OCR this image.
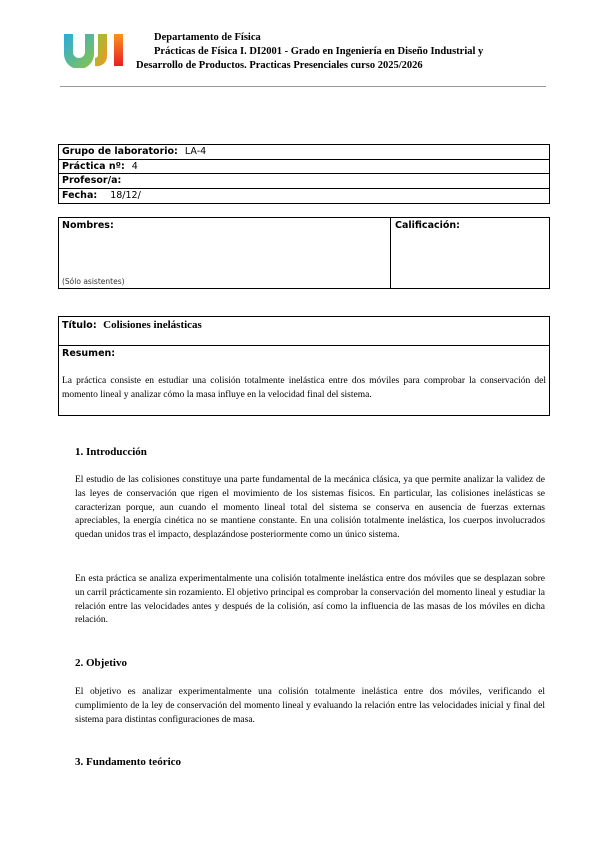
Departamento de Física
Prácticas de Física I. DI2001 - Grado en Ingeniería en Diseño Industrial y
Desarrollo de Productos. Practicas Presenciales curso 2025/2026
Grupo de laboratorio: LA-4
Práctica nº: 4
Profesor/a:
Fecha: 18/12/
Nombres:
(Sólo asistentes)
Calificación:
Título: Colisiones inelásticas
Resumen:
La práctica consiste en estudiar una colisión totalmente inelástica entre dos móviles para comprobar la conservación del momento lineal y analizar cómo la masa influye en la velocidad final del sistema.
1. Introducción
El estudio de las colisiones constituye una parte fundamental de la mecánica clásica, ya que permite analizar la validez de las leyes de conservación que rigen el movimiento de los sistemas físicos. En particular, las colisiones inelásticas se caracterizan porque, aun cuando el momento lineal total del sistema se conserva en ausencia de fuerzas externas apreciables, la energía cinética no se mantiene constante. En una colisión totalmente inelástica, los cuerpos involucrados quedan unidos tras el impacto, desplazándose posteriormente como un único sistema.
En esta práctica se analiza experimentalmente una colisión totalmente inelástica entre dos móviles que se desplazan sobre un carril prácticamente sin rozamiento. El objetivo principal es comprobar la conservación del momento lineal y estudiar la relación entre las velocidades antes y después de la colisión, así como la influencia de las masas de los móviles en dicha relación.
2. Objetivo
El objetivo es analizar experimentalmente una colisión totalmente inelástica entre dos móviles, verificando el cumplimiento de la ley de conservación del momento lineal y evaluando la relación entre las velocidades inicial y final del sistema para distintas configuraciones de masa.
3. Fundamento teórico
